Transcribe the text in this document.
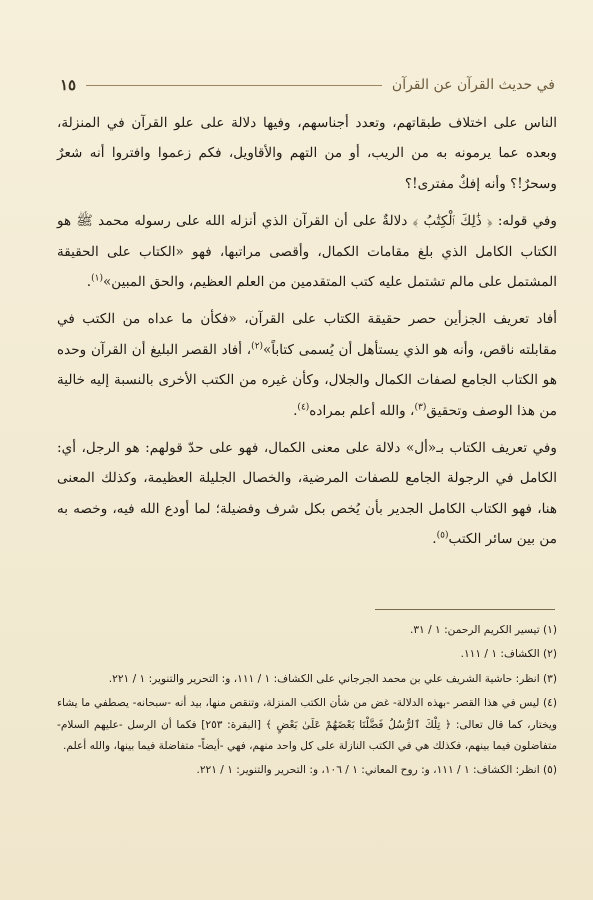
في حديث القرآن عن القرآن
١٥

الناس على اختلاف طبقاتهم، وتعدد أجناسهم، وفيها دلالة على علو القرآن في المنزلة، وبعده عما يرمونه به من الريب، أو من التهم والأقاويل، فكم زعموا وافتروا أنه شعرٌ وسحرٌ!؟ وأنه إفكٌ مفترى!؟

وفي قوله: ﴿ ذَٰلِكَ ٱلْكِتَٰبُ ﴾ دلالةٌ على أن القرآن الذي أنزله الله على رسوله محمد ﷺ هو الكتاب الكامل الذي بلغ مقامات الكمال، وأقصى مراتبها، فهو «الكتاب على الحقيقة المشتمل على مالم تشتمل عليه كتب المتقدمين من العلم العظيم، والحق المبين»$^{(١)}$.

أفاد تعريف الجزأين حصر حقيقة الكتاب على القرآن، «فكأن ما عداه من الكتب في مقابلته ناقص، وأنه هو الذي يستأهل أن يُسمى كتاباً»$^{(٢)}$، أفاد القصر البليغ أن القرآن وحده هو الكتاب الجامع لصفات الكمال والجلال، وكأن غيره من الكتب الأخرى بالنسبة إليه خالية من هذا الوصف وتحقيق$^{(٣)}$، والله أعلم بمراده$^{(٤)}$.

وفي تعريف الكتاب بـ«أل» دلالة على معنى الكمال، فهو على حدّ قولهم: هو الرجل، أي: الكامل في الرجولة الجامع للصفات المرضية، والخصال الجليلة العظيمة، وكذلك المعنى هنا، فهو الكتاب الكامل الجدير بأن يُخص بكل شرف وفضيلة؛ لما أودع الله فيه، وخصه به من بين سائر الكتب$^{(٥)}$.

(١) تيسير الكريم الرحمن: ١ / ٣١.
(٢) الكشاف: ١ / ١١١.
(٣) انظر: حاشية الشريف علي بن محمد الجرجاني على الكشاف: ١ / ١١١، و: التحرير والتنوير: ١ / ٢٢١.
(٤) ليس في هذا القصر -بهذه الدلالة- غض من شأن الكتب المنزلة، وتنقص منها، بيد أنه -سبحانه- يصطفي ما يشاء ويختار، كما قال تعالى: ﴿ تِلْكَ ٱلرُّسُلُ فَضَّلْنَا بَعْضَهُمْ عَلَىٰ بَعْضٍ ﴾ [البقرة: ٢٥٣] فكما أن الرسل -عليهم السلام- متفاضلون فيما بينهم، فكذلك هي في الكتب النازلة على كل واحد منهم، فهي -أيضاً- متفاضلة فيما بينها، والله أعلم.
(٥) انظر: الكشاف: ١ / ١١١، و: روح المعاني: ١ / ١٠٦، و: التحرير والتنوير: ١ / ٢٢١.
